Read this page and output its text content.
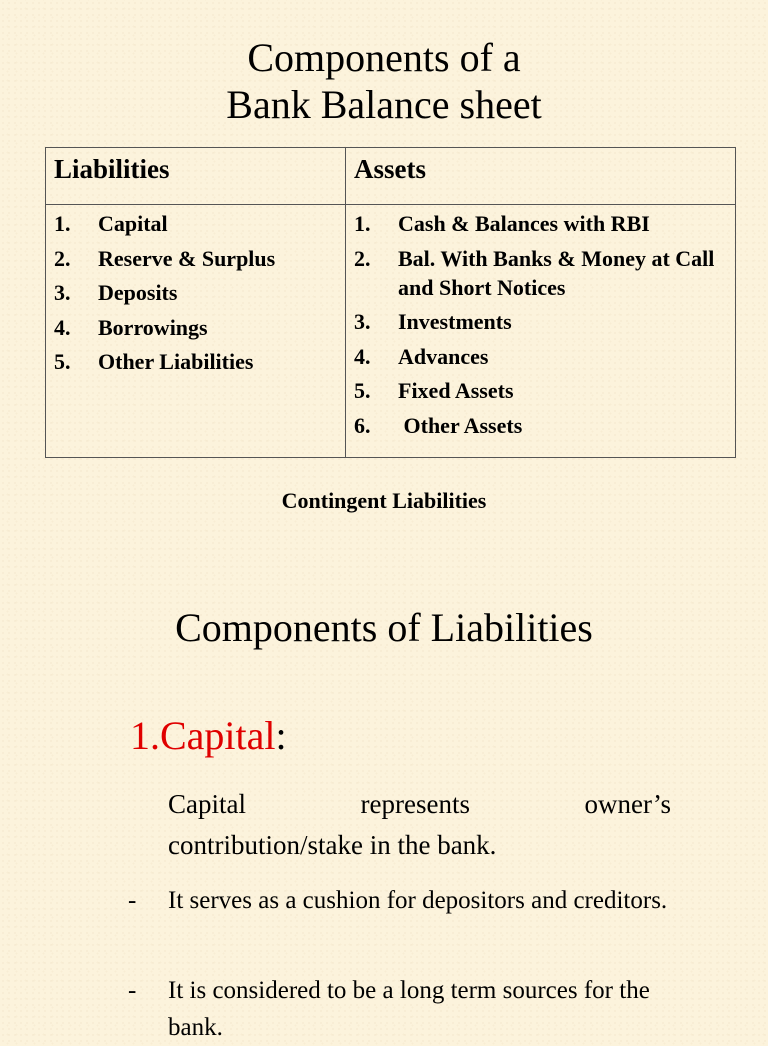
Components of a
Bank Balance sheet
Liabilities	Assets
1.	Capital
2.	Reserve & Surplus
3.	Deposits
4.	Borrowings
5.	Other Liabilities
1.	Cash & Balances with RBI
2.	Bal. With Banks & Money at Call and Short Notices
3.	Investments
4.	Advances
5.	Fixed Assets
6.	Other Assets
Contingent Liabilities
Components of Liabilities
1.Capital:
Capital	represents	owner’s
contribution/stake in the bank.
-	It serves as a cushion for depositors and creditors.
-	It is considered to be a long term sources for the bank.
